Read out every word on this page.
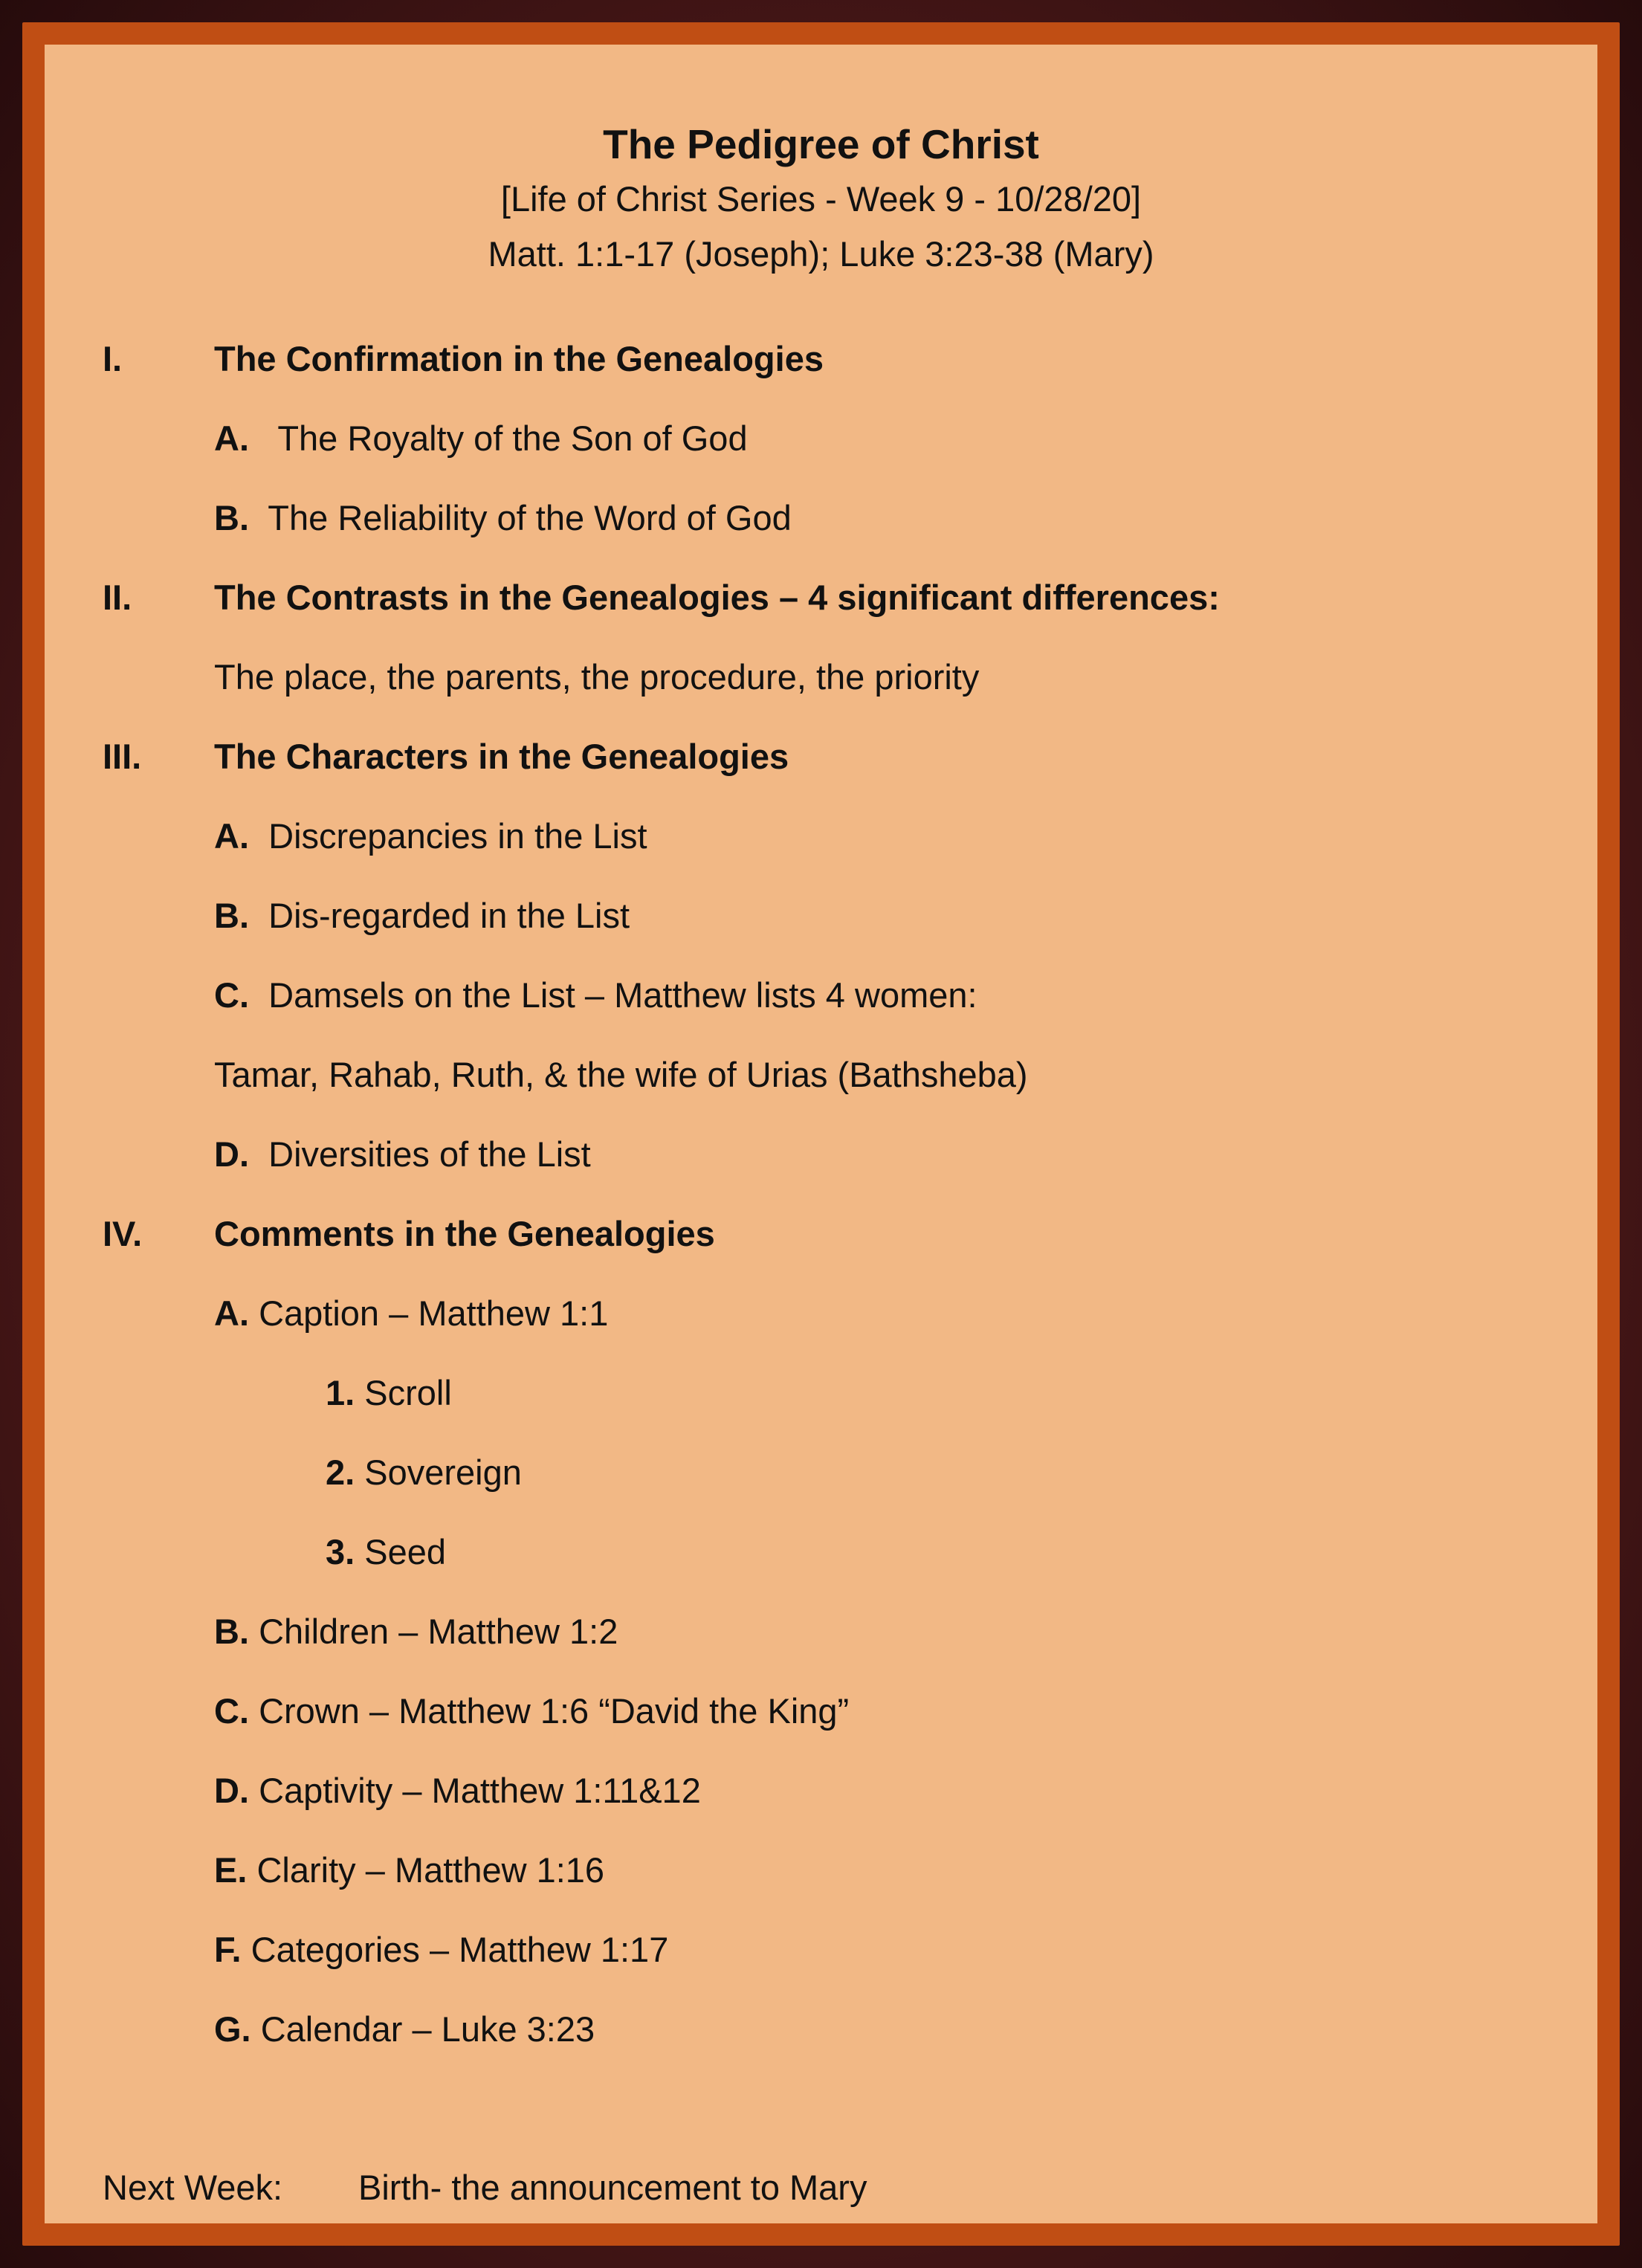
The Pedigree of Christ
[Life of Christ Series - Week 9 - 10/28/20]
Matt. 1:1-17 (Joseph); Luke 3:23-38 (Mary)
I.	The Confirmation in the Genealogies
A. The Royalty of the Son of God
B. The Reliability of the Word of God
II. The Contrasts in the Genealogies – 4 significant differences:
The place, the parents, the procedure, the priority
III. The Characters in the Genealogies
A. Discrepancies in the List
B. Dis-regarded in the List
C. Damsels on the List – Matthew lists 4 women:
Tamar, Rahab, Ruth, & the wife of Urias (Bathsheba)
D. Diversities of the List
IV. Comments in the Genealogies
A. Caption – Matthew 1:1
1. Scroll
2. Sovereign
3. Seed
B. Children – Matthew 1:2
C. Crown – Matthew 1:6 “David the King”
D. Captivity – Matthew 1:11&12
E. Clarity – Matthew 1:16
F. Categories – Matthew 1:17
G. Calendar – Luke 3:23
Next Week: Birth- the announcement to Mary
